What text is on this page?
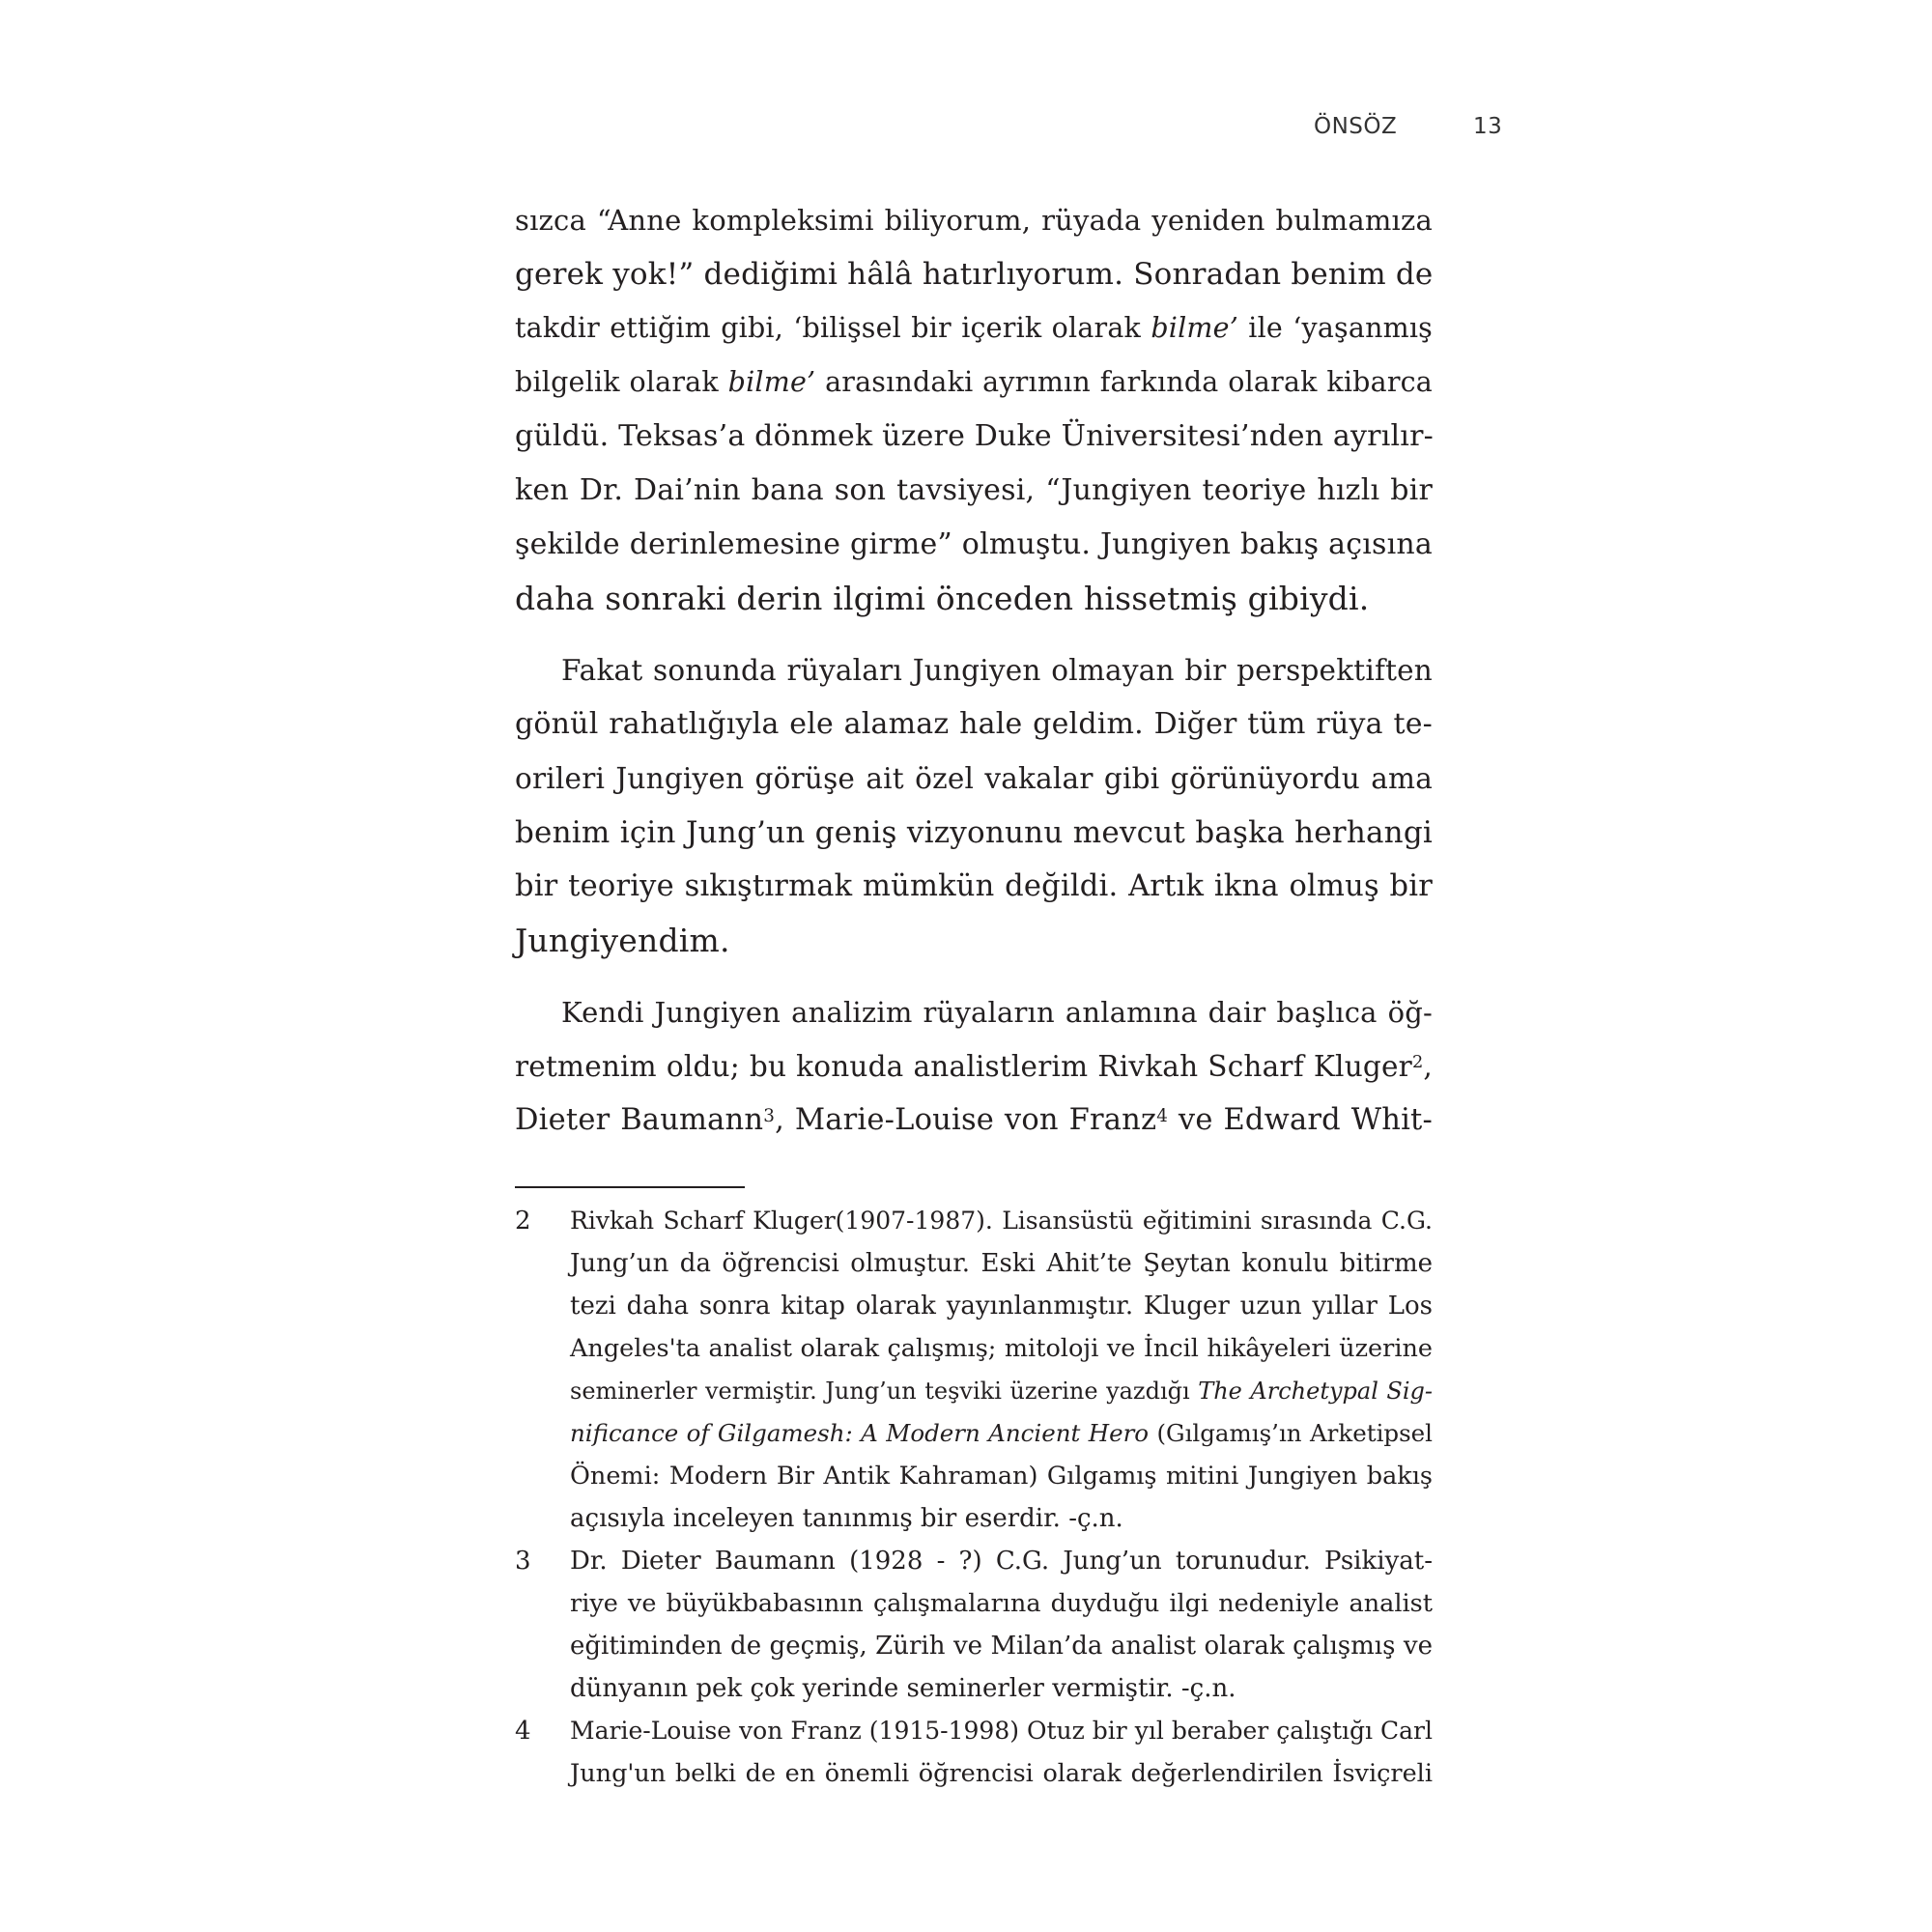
ÖNSÖZ	13
sızca “Anne kompleksimi biliyorum, rüyada yeniden bulmamıza
gerek yok!” dediğimi hâlâ hatırlıyorum. Sonradan benim de
takdir ettiğim gibi, ‘bilişsel bir içerik olarak bilme’ ile ‘yaşanmış
bilgelik olarak bilme’ arasındaki ayrımın farkında olarak kibarca
güldü. Teksas’a dönmek üzere Duke Üniversitesi’nden ayrılır-
ken Dr. Dai’nin bana son tavsiyesi, “Jungiyen teoriye hızlı bir
şekilde derinlemesine girme” olmuştu. Jungiyen bakış açısına
daha sonraki derin ilgimi önceden hissetmiş gibiydi.
Fakat sonunda rüyaları Jungiyen olmayan bir perspektiften
gönül rahatlığıyla ele alamaz hale geldim. Diğer tüm rüya te-
orileri Jungiyen görüşe ait özel vakalar gibi görünüyordu ama
benim için Jung’un geniş vizyonunu mevcut başka herhangi
bir teoriye sıkıştırmak mümkün değildi. Artık ikna olmuş bir
Jungiyendim.
Kendi Jungiyen analizim rüyaların anlamına dair başlıca öğ-
retmenim oldu; bu konuda analistlerim Rivkah Scharf Kluger$^2$,
Dieter Baumann$^3$, Marie-Louise von Franz$^4$ ve Edward Whit-
2 Rivkah Scharf Kluger(1907-1987). Lisansüstü eğitimini sırasında C.G.
Jung’un da öğrencisi olmuştur. Eski Ahit’te Şeytan konulu bitirme
tezi daha sonra kitap olarak yayınlanmıştır. Kluger uzun yıllar Los
Angeles'ta analist olarak çalışmış; mitoloji ve İncil hikâyeleri üzerine
seminerler vermiştir. Jung’un teşviki üzerine yazdığı The Archetypal Sig-
nificance of Gilgamesh: A Modern Ancient Hero (Gılgamış’ın Arketipsel
Önemi: Modern Bir Antik Kahraman) Gılgamış mitini Jungiyen bakış
açısıyla inceleyen tanınmış bir eserdir. -ç.n.
3 Dr. Dieter Baumann (1928 - ?) C.G. Jung’un torunudur. Psikiyat-
riye ve büyükbabasının çalışmalarına duyduğu ilgi nedeniyle analist
eğitiminden de geçmiş, Zürih ve Milan’da analist olarak çalışmış ve
dünyanın pek çok yerinde seminerler vermiştir. -ç.n.
4 Marie-Louise von Franz (1915-1998) Otuz bir yıl beraber çalıştığı Carl
Jung'un belki de en önemli öğrencisi olarak değerlendirilen İsviçreli
